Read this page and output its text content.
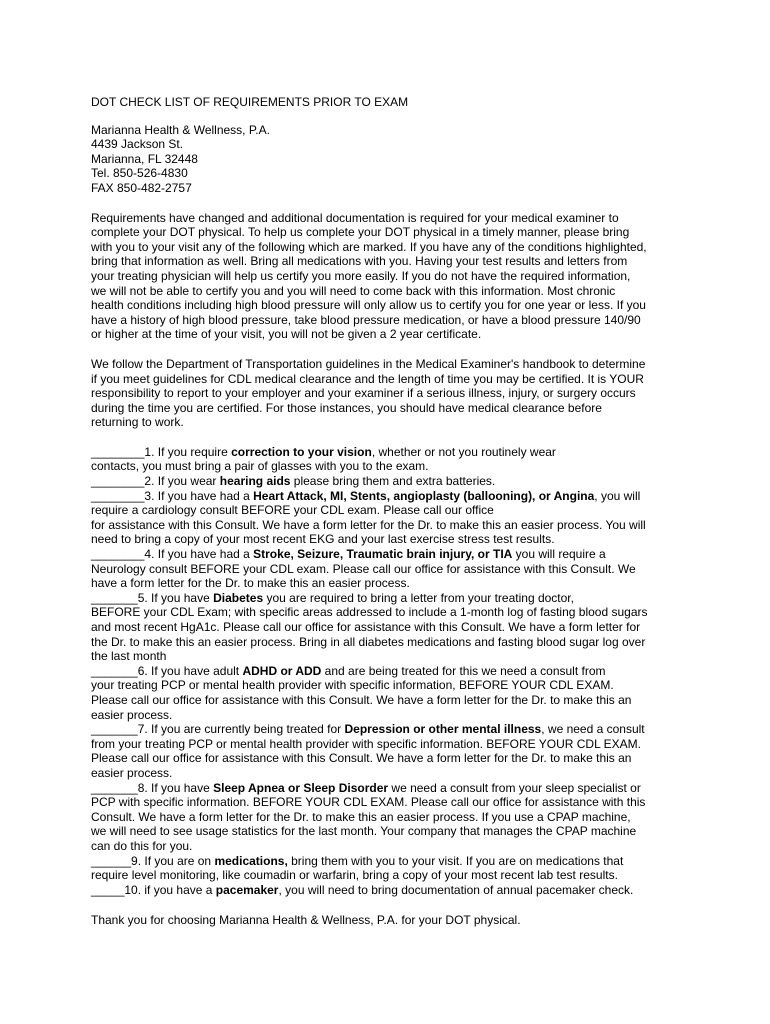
DOT CHECK LIST OF REQUIREMENTS PRIOR TO EXAM
Marianna Health & Wellness, P.A.
4439 Jackson St.
Marianna, FL 32448
Tel. 850-526-4830
FAX 850-482-2757
Requirements have changed and additional documentation is required for your medical examiner to
complete your DOT physical. To help us complete your DOT physical in a timely manner, please bring
with you to your visit any of the following which are marked. If you have any of the conditions highlighted,
bring that information as well. Bring all medications with you. Having your test results and letters from
your treating physician will help us certify you more easily. If you do not have the required information,
we will not be able to certify you and you will need to come back with this information. Most chronic
health conditions including high blood pressure will only allow us to certify you for one year or less. If you
have a history of high blood pressure, take blood pressure medication, or have a blood pressure 140/90
or higher at the time of your visit, you will not be given a 2 year certificate.
We follow the Department of Transportation guidelines in the Medical Examiner's handbook to determine
if you meet guidelines for CDL medical clearance and the length of time you may be certified. It is YOUR
responsibility to report to your employer and your examiner if a serious illness, injury, or surgery occurs
during the time you are certified. For those instances, you should have medical clearance before
returning to work.
________1. If you require correction to your vision, whether or not you routinely wear
contacts, you must bring a pair of glasses with you to the exam.
________2. If you wear hearing aids please bring them and extra batteries.
________3. If you have had a Heart Attack, MI, Stents, angioplasty (ballooning), or Angina, you will
require a cardiology consult BEFORE your CDL exam. Please call our office
for assistance with this Consult. We have a form letter for the Dr. to make this an easier process. You will
need to bring a copy of your most recent EKG and your last exercise stress test results.
________4. If you have had a Stroke, Seizure, Traumatic brain injury, or TIA you will require a
Neurology consult BEFORE your CDL exam. Please call our office for assistance with this Consult. We
have a form letter for the Dr. to make this an easier process.
_______5. If you have Diabetes you are required to bring a letter from your treating doctor,
BEFORE your CDL Exam; with specific areas addressed to include a 1-month log of fasting blood sugars
and most recent HgA1c. Please call our office for assistance with this Consult. We have a form letter for
the Dr. to make this an easier process. Bring in all diabetes medications and fasting blood sugar log over
the last month
_______6. If you have adult ADHD or ADD and are being treated for this we need a consult from
your treating PCP or mental health provider with specific information, BEFORE YOUR CDL EXAM.
Please call our office for assistance with this Consult. We have a form letter for the Dr. to make this an
easier process.
_______7. If you are currently being treated for Depression or other mental illness, we need a consult
from your treating PCP or mental health provider with specific information. BEFORE YOUR CDL EXAM.
Please call our office for assistance with this Consult. We have a form letter for the Dr. to make this an
easier process.
_______8. If you have Sleep Apnea or Sleep Disorder we need a consult from your sleep specialist or
PCP with specific information. BEFORE YOUR CDL EXAM. Please call our office for assistance with this
Consult. We have a form letter for the Dr. to make this an easier process. If you use a CPAP machine,
we will need to see usage statistics for the last month. Your company that manages the CPAP machine
can do this for you.
______9. If you are on medications, bring them with you to your visit. If you are on medications that
require level monitoring, like coumadin or warfarin, bring a copy of your most recent lab test results.
_____10. if you have a pacemaker, you will need to bring documentation of annual pacemaker check.
Thank you for choosing Marianna Health & Wellness, P.A. for your DOT physical.
